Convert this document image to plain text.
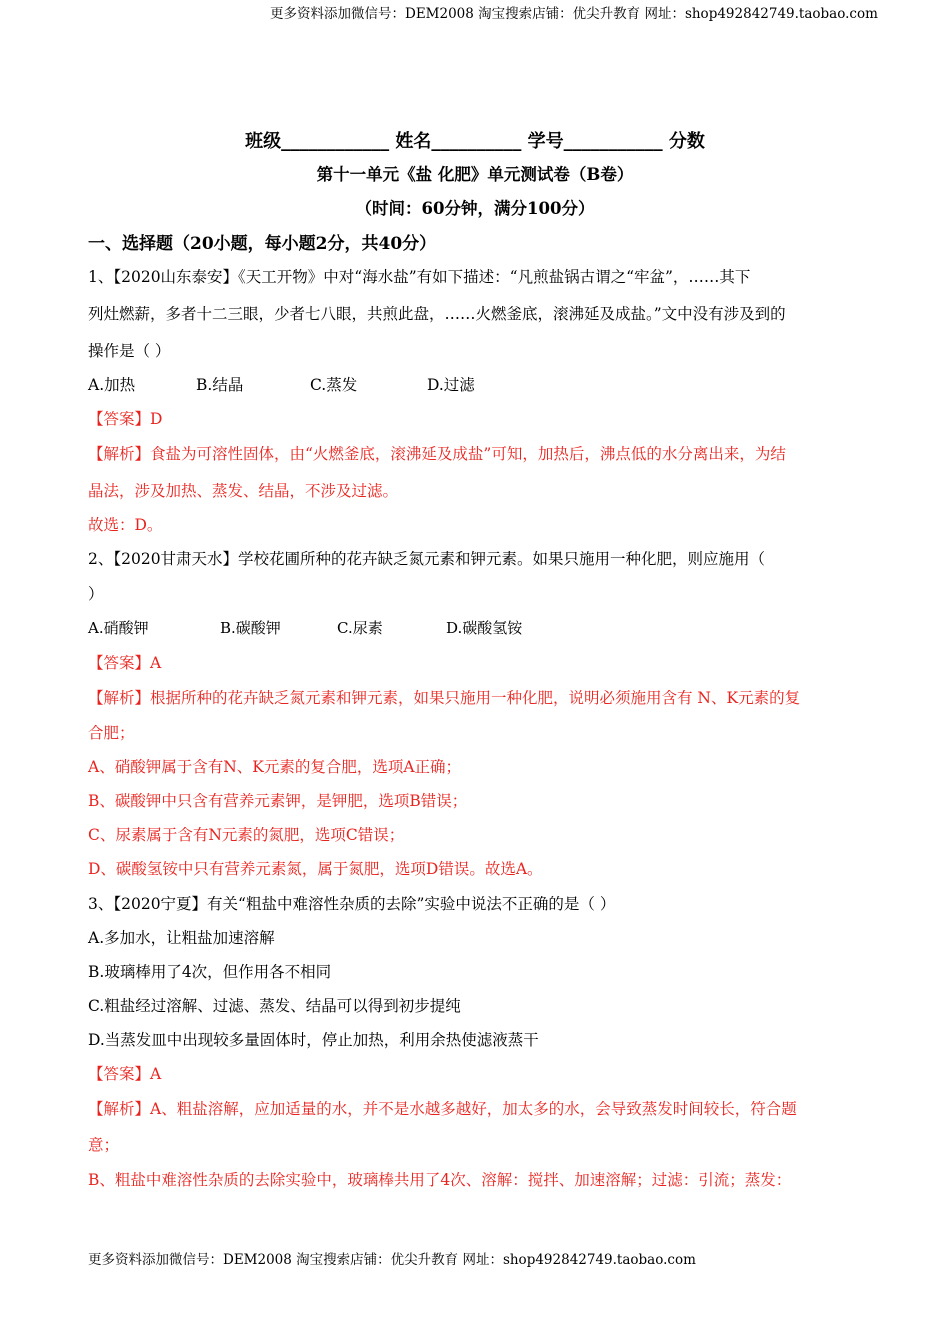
更多资料添加微信号：DEM2008 淘宝搜索店铺：优尖升教育 网址：shop492842749.taobao.com
更多资料添加微信号：DEM2008 淘宝搜索店铺：优尖升教育 网址：shop492842749.taobao.com
班级____________ 姓名__________ 学号___________ 分数
第十一单元《盐 化肥》单元测试卷（B卷）
（时间：60分钟，满分100分）
一、选择题（20小题，每小题2分，共40分）
1、【2020山东泰安】《天工开物》中对“海水盐”有如下描述：“凡煎盐锅古谓之“牢盆”，……其下
列灶燃薪，多者十二三眼，少者七八眼，共煎此盘，……火燃釜底，滚沸延及成盐。”文中没有涉及到的
操作是（ ）
A.加热	B.结晶	C.蒸发	D.过滤
【答案】D
【解析】食盐为可溶性固体，由“火燃釜底，滚沸延及成盐”可知，加热后，沸点低的水分离出来，为结
晶法，涉及加热、蒸发、结晶，不涉及过滤。
故选：D。
2、【2020甘肃天水】学校花圃所种的花卉缺乏氮元素和钾元素。如果只施用一种化肥，则应施用（
）
A.硝酸钾	B.碳酸钾	C.尿素	D.碳酸氢铵
【答案】A
【解析】根据所种的花卉缺乏氮元素和钾元素，如果只施用一种化肥，说明必须施用含有 N、K元素的复
合肥；
A、硝酸钾属于含有N、K元素的复合肥，选项A正确；
B、碳酸钾中只含有营养元素钾，是钾肥，选项B错误；
C、尿素属于含有N元素的氮肥，选项C错误；
D、碳酸氢铵中只有营养元素氮，属于氮肥，选项D错误。故选A。
3、【2020宁夏】有关“粗盐中难溶性杂质的去除”实验中说法不正确的是（ ）
A.多加水，让粗盐加速溶解
B.玻璃棒用了4次，但作用各不相同
C.粗盐经过溶解、过滤、蒸发、结晶可以得到初步提纯
D.当蒸发皿中出现较多量固体时，停止加热，利用余热使滤液蒸干
【答案】A
【解析】A、粗盐溶解，应加适量的水，并不是水越多越好，加太多的水，会导致蒸发时间较长，符合题
意；
B、粗盐中难溶性杂质的去除实验中，玻璃棒共用了4次、溶解：搅拌、加速溶解；过滤：引流；蒸发：
